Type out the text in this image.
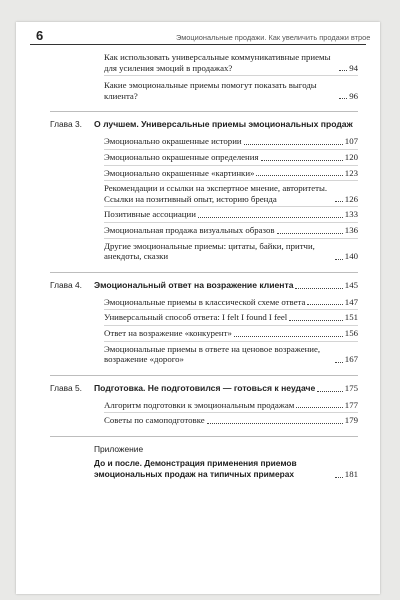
6	Эмоциональные продажи. Как увеличить продажи втрое
Как использовать универсальные коммуникативные приемы для усиления эмоций в продажах?	94
Какие эмоциональные приемы помогут показать выгоды клиента?	96
Глава 3. О лучшем. Универсальные приемы эмоциональных продаж
Эмоционально окрашенные истории	107
Эмоционально окрашенные определения	120
Эмоционально окрашенные «картинки»	123
Рекомендации и ссылки на экспертное мнение, авторитеты. Ссылки на позитивный опыт, историю бренда	126
Позитивные ассоциации	133
Эмоциональная продажа визуальных образов	136
Другие эмоциональные приемы: цитаты, байки, притчи, анекдоты, сказки	140
Глава 4. Эмоциональный ответ на возражение клиента	145
Эмоциональные приемы в классической схеме ответа	147
Универсальный способ ответа: I felt I found I feel	151
Ответ на возражение «конкурент»	156
Эмоциональные приемы в ответе на ценовое возражение, возражение «дорого»	167
Глава 5. Подготовка. Не подготовился — готовься к неудаче	175
Алгоритм подготовки к эмоциональным продажам	177
Советы по самоподготовке	179
Приложение
До и после. Демонстрация применения приемов эмоциональных продаж на типичных примерах	181
